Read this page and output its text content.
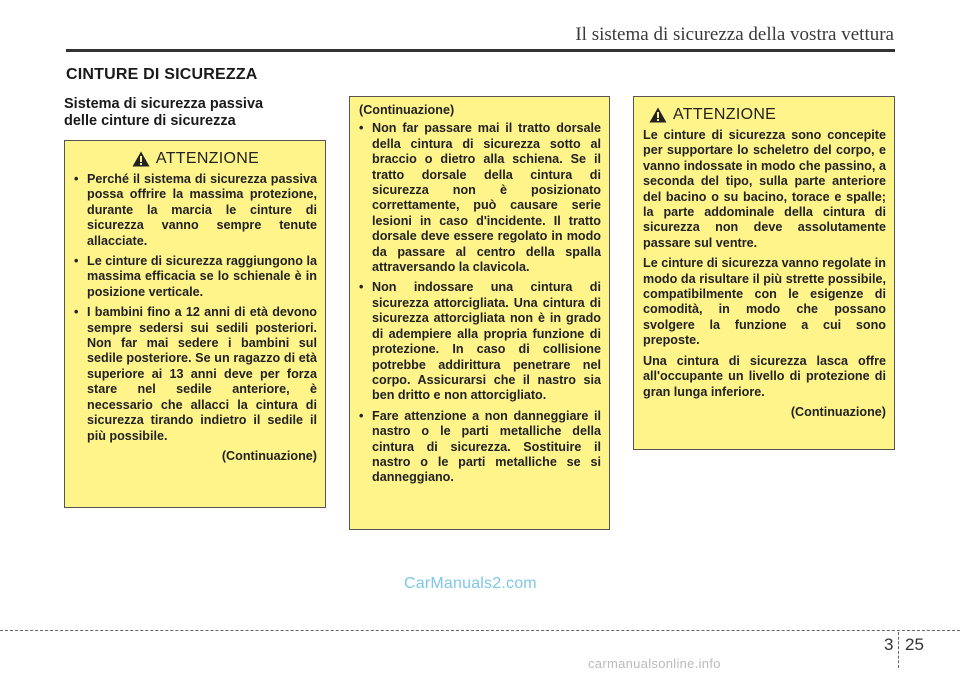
Il sistema di sicurezza della vostra vettura
CINTURE DI SICUREZZA
Sistema di sicurezza passiva
delle cinture di sicurezza
ATTENZIONE
• Perché il sistema di sicurezza passiva possa offrire la massima protezione, durante la marcia le cinture di sicurezza vanno sempre tenute allacciate.
• Le cinture di sicurezza raggiungono la massima efficacia se lo schienale è in posizione verticale.
• I bambini fino a 12 anni di età devono sempre sedersi sui sedili posteriori. Non far mai sedere i bambini sul sedile posteriore. Se un ragazzo di età superiore ai 13 anni deve per forza stare nel sedile anteriore, è necessario che allacci la cintura di sicurezza tirando indietro il sedile il più possibile.
(Continuazione)
(Continuazione)
• Non far passare mai il tratto dorsale della cintura di sicurezza sotto al braccio o dietro alla schiena. Se il tratto dorsale della cintura di sicurezza non è posizionato correttamente, può causare serie lesioni in caso d'incidente. Il tratto dorsale deve essere regolato in modo da passare al centro della spalla attraversando la clavicola.
• Non indossare una cintura di sicurezza attorcigliata. Una cintura di sicurezza attorcigliata non è in grado di adempiere alla propria funzione di protezione. In caso di collisione potrebbe addirittura penetrare nel corpo. Assicurarsi che il nastro sia ben dritto e non attorcigliato.
• Fare attenzione a non danneggiare il nastro o le parti metalliche della cintura di sicurezza. Sostituire il nastro o le parti metalliche se si danneggiano.
ATTENZIONE
Le cinture di sicurezza sono concepite per supportare lo scheletro del corpo, e vanno indossate in modo che passino, a seconda del tipo, sulla parte anteriore del bacino o su bacino, torace e spalle; la parte addominale della cintura di sicurezza non deve assolutamente passare sul ventre.
Le cinture di sicurezza vanno regolate in modo da risultare il più strette possibile, compatibilmente con le esigenze di comodità, in modo che possano svolgere la funzione a cui sono preposte.
Una cintura di sicurezza lasca offre all'occupante un livello di protezione di gran lunga inferiore.
(Continuazione)
CarManuals2.com
3 25
carmanualsonline.info
